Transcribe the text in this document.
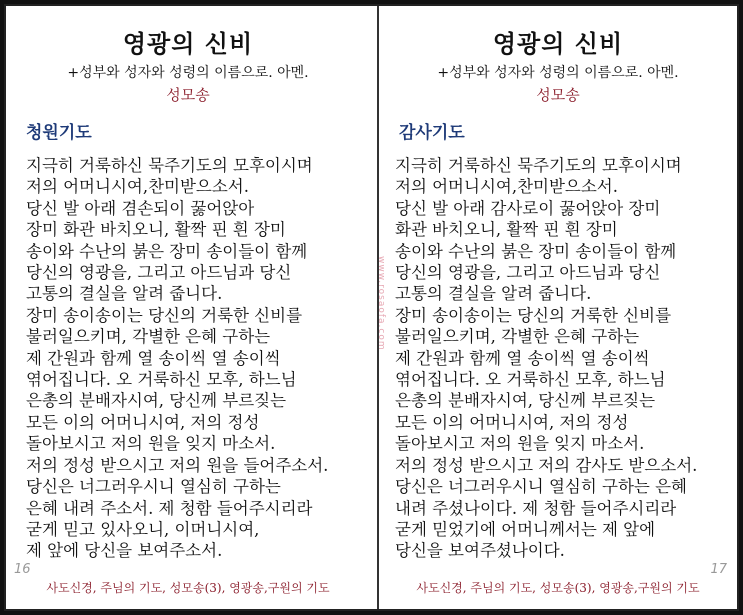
영광의 신비
+성부와 성자와 성령의 이름으로. 아멘.
성모송
청원기도
지극히 거룩하신 묵주기도의 모후이시며
저의 어머니시여,찬미받으소서.
당신 발 아래 겸손되이 꿇어앉아
장미 화관 바치오니, 활짝 핀 흰 장미
송이와 수난의 붉은 장미 송이들이 함께
당신의 영광을, 그리고 아드님과 당신
고통의 결실을 알려 줍니다.
장미 송이송이는 당신의 거룩한 신비를
불러일으키며, 각별한 은혜 구하는
제 간원과 함께 열 송이씩 열 송이씩
엮어집니다. 오 거룩하신 모후, 하느님
은총의 분배자시여, 당신께 부르짖는
모든 이의 어머니시여, 저의 정성
돌아보시고 저의 원을 잊지 마소서.
저의 정성 받으시고 저의 원을 들어주소서.
당신은 너그러우시니 열심히 구하는
은혜 내려 주소서. 제 청함 들어주시리라
굳게 믿고 있사오니, 이머니시여,
제 앞에 당신을 보여주소서.
16
사도신경, 주님의 기도, 성모송(3), 영광송,구원의 기도
www.rosaofa.com
영광의 신비
+성부와 성자와 성령의 이름으로. 아멘.
성모송
감사기도
지극히 거룩하신 묵주기도의 모후이시며
저의 어머니시여,찬미받으소서.
당신 발 아래 감사로이 꿇어앉아 장미
화관 바치오니, 활짝 핀 흰 장미
송이와 수난의 붉은 장미 송이들이 함께
당신의 영광을, 그리고 아드님과 당신
고통의 결실을 알려 줍니다.
장미 송이송이는 당신의 거룩한 신비를
불러일으키며, 각별한 은혜 구하는
제 간원과 함께 열 송이씩 열 송이씩
엮어집니다. 오 거룩하신 모후, 하느님
은총의 분배자시여, 당신께 부르짖는
모든 이의 어머니시여, 저의 정성
돌아보시고 저의 원을 잊지 마소서.
저의 정성 받으시고 저의 감사도 받으소서.
당신은 너그러우시니 열심히 구하는 은혜
내려 주셨나이다. 제 청함 들어주시리라
굳게 믿었기에 어머니께서는 제 앞에
당신을 보여주셨나이다.
17
사도신경, 주님의 기도, 성모송(3), 영광송,구원의 기도
